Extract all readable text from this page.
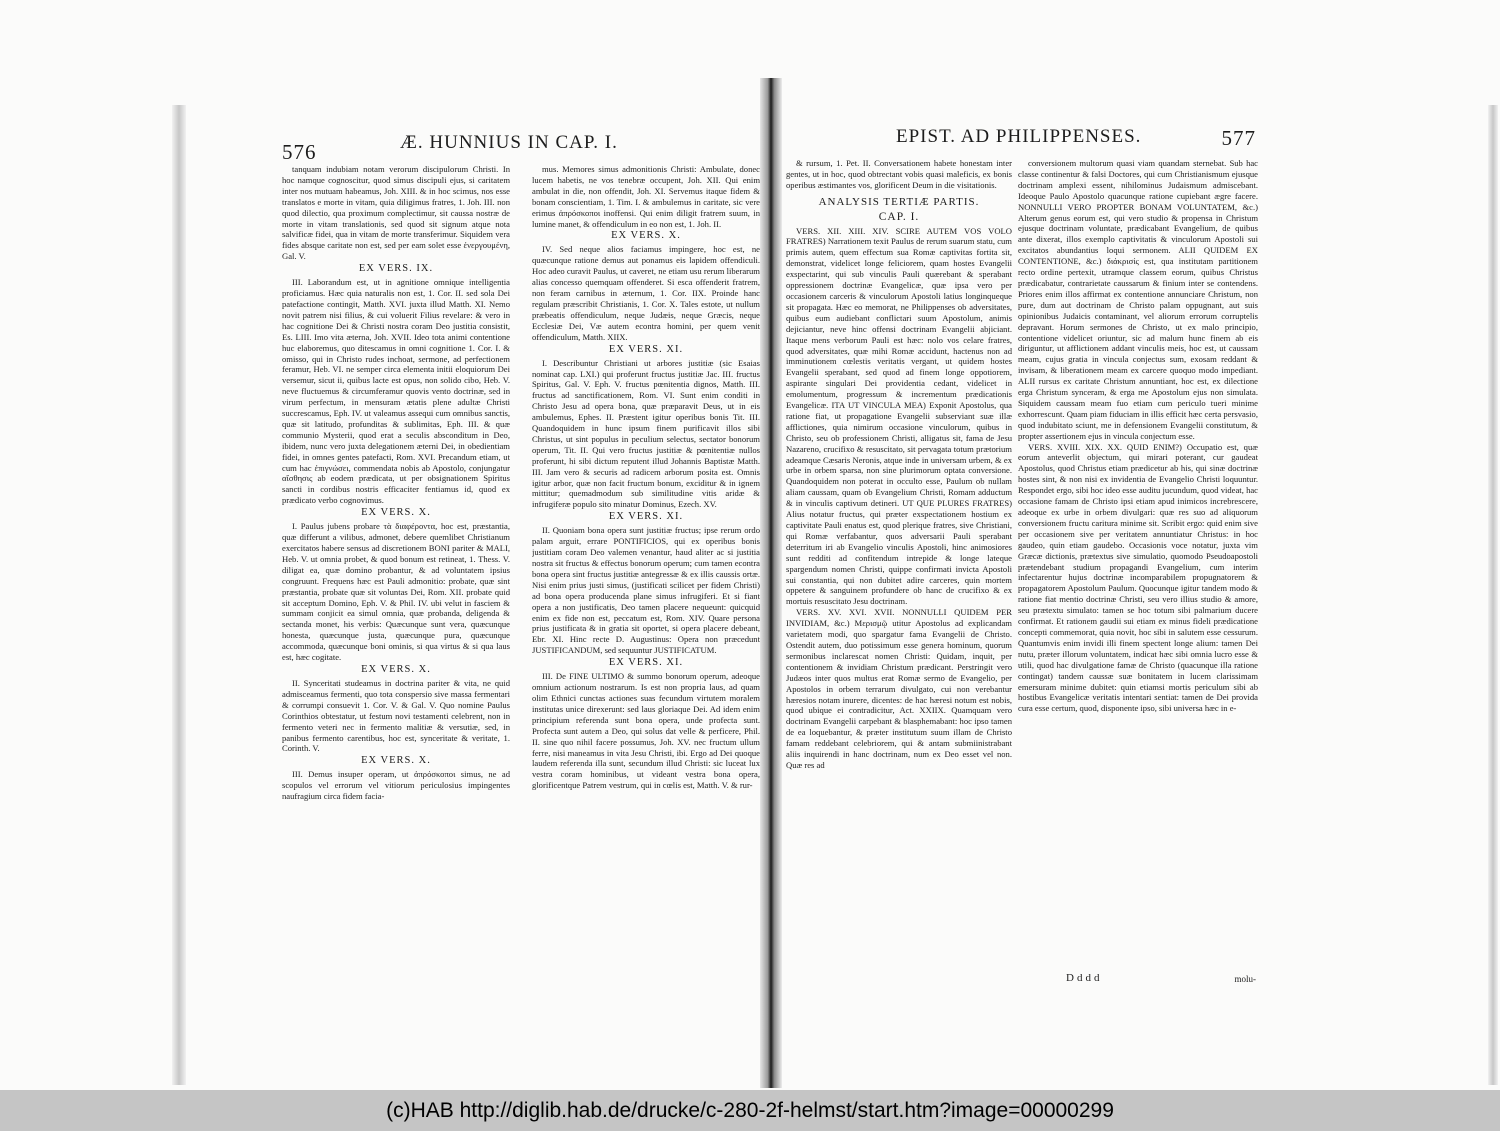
576	Æ. HUNNIUS IN CAP. I.
tanquam indubiam notam verorum discipulorum Christi. In hoc namque cognoscitur, quod simus discipuli ejus, si caritatem inter nos mutuam habeamus, Joh. XIII. & in hoc scimus, nos esse translatos e morte in vitam, quia diligimus fratres, 1. Joh. III. non quod dilectio, qua proximum complectimur, sit caussa nostræ de morte in vitam translationis, sed quod sit signum atque nota salvificæ fidei, qua in vitam de morte transferimur. Siquidem vera fides absque caritate non est, sed per eam solet esse ἐνεργουμένη, Gal. V.
EX VERS. IX.
III. Laborandum est, ut in agnitione omnique intelligentia proficiamus. Hæc quia naturalis non est, 1. Cor. II. sed sola Dei patefactione contingit, Matth. XVI. juxta illud Matth. XI. Nemo novit patrem nisi filius, & cui voluerit Filius revelare: & vero in hac cognitione Dei & Christi nostra coram Deo justitia consistit, Es. LIII. Imo vita æterna, Joh. XVII. Ideo tota animi contentione huc elaboremus, quo ditescamus in omni cognitione 1. Cor. I. & omisso, qui in Christo rudes inchoat, sermone, ad perfectionem feramur, Heb. VI. ne semper circa elementa initii eloquiorum Dei versemur, sicut ii, quibus lacte est opus, non solido cibo, Heb. V. neve fluctuemus & circumferamur quovis vento doctrinæ, sed in virum perfectum, in mensuram ætatis plene adultæ Christi succrescamus, Eph. IV. ut valeamus assequi cum omnibus sanctis, quæ sit latitudo, profunditas & sublimitas, Eph. III. & quæ communio Mysterii, quod erat a seculis absconditum in Deo, ibidem, nunc vero juxta delegationem æterni Dei, in obedientiam fidei, in omnes gentes patefacti, Rom. XVI. Precandum etiam, ut cum hac ἐπιγνώσει, commendata nobis ab Apostolo, conjungatur αἴσθησις ab eodem prædicata, ut per obsignationem Spiritus sancti in cordibus nostris efficaciter fentiamus id, quod ex prædicato verbo cognovimus.
EX VERS. X.
I. Paulus jubens probare τὰ διαφέροντα, hoc est, præstantia, quæ differunt a vilibus, admonet, debere quemlibet Christianum exercitatos habere sensus ad discretionem BONI pariter & MALI, Heb. V. ut omnia probet, & quod bonum est retineat, 1. Thess. V. diligat ea, quæ domino probantur, & ad voluntatem ipsius congruunt. Frequens hæc est Pauli admonitio: probate, quæ sint præstantia, probate quæ sit voluntas Dei, Rom. XII. probate quid sit acceptum Domino, Eph. V. & Phil. IV. ubi velut in fasciem & summam conjicit ea simul omnia, quæ probanda, deligenda & sectanda monet, his verbis: Quæcunque sunt vera, quæcunque honesta, quæcunque justa, quæcunque pura, quæcunque accommoda, quæcunque boni ominis, si qua virtus & si qua laus est, hæc cogitate.
EX VERS. X.
II. Synceritati studeamus in doctrina pariter & vita, ne quid admisceamus fermenti, quo tota conspersio sive massa fermentari & corrumpi consuevit 1. Cor. V. & Gal. V. Quo nomine Paulus Corinthios obtestatur, ut festum novi testamenti celebrent, non in fermento veteri nec in fermento malitiæ & versutiæ, sed, in panibus fermento carentibus, hoc est, synceritate & veritate, 1. Corinth. V.
EX VERS. X.
III. Demus insuper operam, ut ἀπρόσκοποι simus, ne ad scopulos vel errorum vel vitiorum periculosius impingentes naufragium circa fidem facia-
mus. Memores simus admonitionis Christi: Ambulate, donec lucem habetis, ne vos tenebræ occupent, Joh. XII. Qui enim ambulat in die, non offendit, Joh. XI. Servemus itaque fidem & bonam conscientiam, 1. Tim. I. & ambulemus in caritate, sic vere erimus ἀπρόσκοποι inoffensi. Qui enim diligit fratrem suum, in lumine manet, & offendiculum in eo non est, 1. Joh. II.
EX VERS. X.
IV. Sed neque alios faciamus impingere, hoc est, ne quæcunque ratione demus aut ponamus eis lapidem offendiculi. Hoc adeo curavit Paulus, ut caveret, ne etiam usu rerum liberarum alias concesso quemquam offenderet. Si esca offenderit fratrem, non feram carnibus in æternum, 1. Cor. IIX. Proinde hanc regulam præscribit Christianis, 1. Cor. X. Tales estote, ut nullum præbeatis offendiculum, neque Judæis, neque Græcis, neque Ecclesiæ Dei, Væ autem econtra homini, per quem venit offendiculum, Matth. XIIX.
EX VERS. XI.
I. Describuntur Christiani ut arbores justitiæ (sic Esaias nominat cap. LXI.) qui proferunt fructus justitiæ Jac. III. fructus Spiritus, Gal. V. Eph. V. fructus pœnitentia dignos, Matth. III. fructus ad sanctificationem, Rom. VI. Sunt enim conditi in Christo Jesu ad opera bona, quæ præparavit Deus, ut in eis ambulemus, Ephes. II. Præstent igitur operibus bonis Tit. III. Quandoquidem in hunc ipsum finem purificavit illos sibi Christus, ut sint populus in peculium selectus, sectator bonorum operum, Tit. II. Qui vero fructus justitiæ & pœnitentiæ nullos proferunt, hi sibi dictum reputent illud Johannis Baptistæ Matth. III. Jam vero & securis ad radicem arborum posita est. Omnis igitur arbor, quæ non facit fructum bonum, exciditur & in ignem mittitur; quemadmodum sub similitudine vitis aridæ & infrugiferæ populo sito minatur Dominus, Ezech. XV.
EX VERS. XI.
II. Quoniam bona opera sunt justitiæ fructus; ipse rerum ordo palam arguit, errare PONTIFICIOS, qui ex operibus bonis justitiam coram Deo valemen venantur, haud aliter ac si justitia nostra sit fructus & effectus bonorum operum; cum tamen econtra bona opera sint fructus justitiæ antegressæ & ex illis caussis ortæ. Nisi enim prius justi simus, (justificati scilicet per fidem Christi) ad bona opera producenda plane simus infrugiferi. Et si fiant opera a non justificatis, Deo tamen placere nequeunt: quicquid enim ex fide non est, peccatum est, Rom. XIV. Quare persona prius justificata & in gratia sit oportet, si opera placere debeant, Ebr. XI. Hinc recte D. Augustinus: Opera non præcedunt JUSTIFICANDUM, sed sequuntur JUSTIFICATUM.
EX VERS. XI.
III. De FINE ULTIMO & summo bonorum operum, adeoque omnium actionum nostrarum. Is est non propria laus, ad quam olim Ethnici cunctas actiones suas fecundum virtutem moralem institutas unice direxerunt: sed laus gloriaque Dei. Ad idem enim principium referenda sunt bona opera, unde profecta sunt. Profecta sunt autem a Deo, qui solus dat velle & perficere, Phil. II. sine quo nihil facere possumus, Joh. XV. nec fructum ullum ferre, nisi maneamus in vita Jesu Christi, ibi. Ergo ad Dei quoque laudem referenda illa sunt, secundum illud Christi: sic luceat lux vestra coram hominibus, ut videant vestra bona opera, glorificentque Patrem vestrum, qui in cœlis est, Matth. V. & rur-
EPIST. AD PHILIPPENSES.	577
& rursum, 1. Pet. II. Conversationem habete honestam inter gentes, ut in hoc, quod obtrectant vobis quasi maleficis, ex bonis operibus æstimantes vos, glorificent Deum in die visitationis.
ANALYSIS TERTIÆ PARTIS.
CAP. I.
VERS. XII. XIII. XIV. SCIRE AUTEM VOS VOLO FRATRES) Narrationem texit Paulus de rerum suarum statu, cum primis autem, quem effectum sua Romæ captivitas fortita sit, demonstrat, videlicet longe feliciorem, quam hostes Evangelii exspectarint, qui sub vinculis Pauli quærebant & sperabant oppressionem doctrinæ Evangelicæ, quæ ipsa vero per occasionem carceris & vinculorum Apostoli latius longinqueque sit propagata. Hæc eo memorat, ne Philippenses ob adversitates, quibus eum audiebant conflictari suum Apostolum, animis dejiciantur, neve hinc offensi doctrinam Evangelii abjiciant. Itaque mens verborum Pauli est hæc: nolo vos celare fratres, quod adversitates, quæ mihi Romæ accidunt, hactenus non ad imminutionem cœlestis veritatis vergant, ut quidem hostes Evangelii sperabant, sed quod ad finem longe oppotiorem, aspirante singulari Dei providentia cedant, videlicet in emolumentum, progressum & incrementum prædicationis Evangelicæ. ITA UT VINCULA MEA) Exponit Apostolus, qua ratione fiat, ut propagatione Evangelii subserviant suæ illæ afflictiones, quia nimirum occasione vinculorum, quibus in Christo, seu ob professionem Christi, alligatus sit, fama de Jesu Nazareno, crucifixo & resuscitato, sit pervagata totum prætorium adeamque Cæsaris Neronis, atque inde in universam urbem, & ex urbe in orbem sparsa, non sine plurimorum optata conversione. Quandoquidem non poterat in occulto esse, Paulum ob nullam aliam caussam, quam ob Evangelium Christi, Romam adductum & in vinculis captivum detineri. UT QUE PLURES FRATRES) Alius notatur fructus, qui præter exspectationem hostium ex captivitate Pauli enatus est, quod plerique fratres, sive Christiani, qui Romæ verfabantur, quos adversarii Pauli sperabant deterritum iri ab Evangelio vinculis Apostoli, hinc animosiores sunt redditi ad confitendum intrepide & longe lateque spargendum nomen Christi, quippe confirmati invicta Apostoli sui constantia, qui non dubitet adire carceres, quin mortem oppetere & sanguinem profundere ob hanc de crucifixo & ex mortuis resuscitato Jesu doctrinam.
VERS. XV. XVI. XVII. NONNULLI QUIDEM PER INVIDIAM, &c.) Μερισμῷ utitur Apostolus ad explicandam varietatem modi, quo spargatur fama Evangelii de Christo. Ostendit autem, duo potissimum esse genera hominum, quorum sermonibus inclarescat nomen Christi: Quidam, inquit, per contentionem & invidiam Christum prædicant. Perstringit vero Judæos inter quos multus erat Romæ sermo de Evangelio, per Apostolos in orbem terrarum divulgato, cui non verebantur hæresios notam inurere, dicentes: de hac hæresi notum est nobis, quod ubique ei contradicitur, Act. XXIIX. Quamquam vero doctrinam Evangelii carpebant & blasphemabant: hoc ipso tamen de ea loquebantur, & præter institutum suum illam de Christo famam reddebant celebriorem, qui & antam submiinistrabant aliis inquirendi in hanc doctrinam, num ex Deo esset vel non. Quæ res ad
conversionem multorum quasi viam quandam sternebat. Sub hac classe continentur & falsi Doctores, qui cum Christianismum ejusque doctrinam amplexi essent, nihilominus Judaismum admiscebant. Ideoque Paulo Apostolo quacunque ratione cupiebant ægre facere. NONNULLI VERO PROPTER BONAM VOLUNTATEM, &c.) Alterum genus eorum est, qui vero studio & propensa in Christum ejusque doctrinam voluntate, prædicabant Evangelium, de quibus ante dixerat, illos exemplo captivitatis & vinculorum Apostoli sui excitatos abundantius loqui sermonem. ALII QUIDEM EX CONTENTIONE, &c.) διάκρισίς est, qua institutam partitionem recto ordine pertexit, utramque classem eorum, quibus Christus prædicabatur, contrarietate caussarum & finium inter se contendens. Priores enim illos affirmat ex contentione annunciare Christum, non pure, dum aut doctrinam de Christo palam oppugnant, aut suis opinionibus Judaicis contaminant, vel aliorum errorum corruptelis depravant. Horum sermones de Christo, ut ex malo principio, contentione videlicet oriuntur, sic ad malum hunc finem ab eis diriguntur, ut afflictionem addant vinculis meis, hoc est, ut caussam meam, cujus gratia in vincula conjectus sum, exosam reddant & invisam, & liberationem meam ex carcere quoquo modo impediant. ALII rursus ex caritate Christum annuntiant, hoc est, ex dilectione erga Christum synceram, & erga me Apostolum ejus non simulata. Siquidem caussam meam fuo etiam cum periculo tueri minime exhorrescunt. Quam piam fiduciam in illis efficit hæc certa persvasio, quod indubitato sciunt, me in defensionem Evangelii constitutum, & propter assertionem ejus in vincula conjectum esse.
VERS. XVIII. XIX. XX. QUID ENIM?) Occupatio est, quæ eorum anteverlit objectum, qui mirari poterant, cur gaudeat Apostolus, quod Christus etiam prædicetur ab his, qui sinæ doctrinæ hostes sint, & non nisi ex invidentia de Evangelio Christi loquuntur. Respondet ergo, sibi hoc ideo esse auditu jucundum, quod videat, hac occasione famam de Christo ipsi etiam apud inimicos increbrescere, adeoque ex urbe in orbem divulgari: quæ res suo ad aliquorum conversionem fructu caritura minime sit. Scribit ergo: quid enim sive per occasionem sive per veritatem annuntiatur Christus: in hoc gaudeo, quin etiam gaudebo. Occasionis voce notatur, juxta vim Græcæ dictionis, prætextus sive simulatio, quomodo Pseudoapostoli prætendebant studium propagandi Evangelium, cum interim infectarentur hujus doctrinæ incomparabilem propugnatorem & propagatorem Apostolum Paulum. Quocunque igitur tandem modo & ratione fiat mentio doctrinæ Christi, seu vero illius studio & amore, seu prætextu simulato: tamen se hoc totum sibi palmarium ducere confirmat. Et rationem gaudii sui etiam ex minus fideli prædicatione concepti commemorat, quia novit, hoc sibi in salutem esse cessurum. Quantumvis enim invidi illi finem spectent longe alium: tamen Dei nutu, præter illorum voluntatem, indicat hæc sibi omnia lucro esse & utili, quod hac divulgatione famæ de Christo (quacunque illa ratione contingat) tandem caussæ suæ bonitatem in lucem clarissimam emersuram minime dubitet: quin etiamsi mortis periculum sibi ab hostibus Evangelicæ veritatis intentari sentiat: tamen de Dei provida cura esse certum, quod, disponente ipso, sibi universa hæc in e-
Dddd	molu-
(c)HAB http://diglib.hab.de/drucke/c-280-2f-helmst/start.htm?image=00000299
